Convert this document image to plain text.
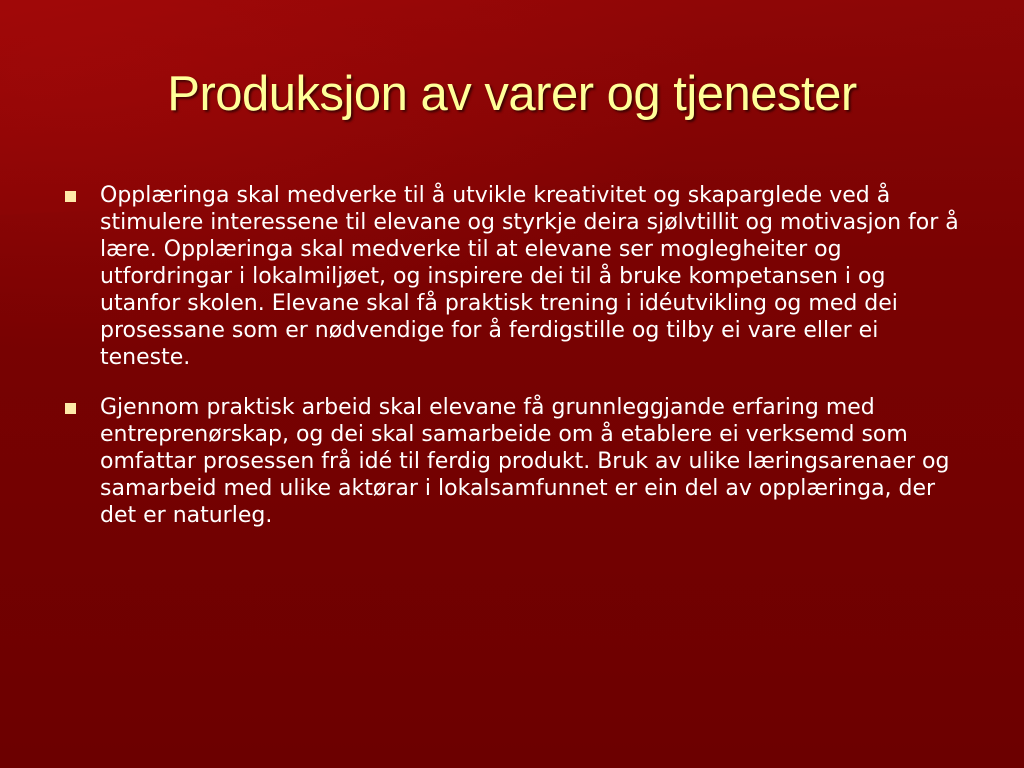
Produksjon av varer og tjenester
Opplæringa skal medverke til å utvikle kreativitet og skaparglede ved å stimulere interessene til elevane og styrkje deira sjølvtillit og motivasjon for å lære. Opplæringa skal medverke til at elevane ser moglegheiter og utfordringar i lokalmiljøet, og inspirere dei til å bruke kompetansen i og utanfor skolen. Elevane skal få praktisk trening i idéutvikling og med dei prosessane som er nødvendige for å ferdigstille og tilby ei vare eller ei teneste.
Gjennom praktisk arbeid skal elevane få grunnleggjande erfaring med entreprenørskap, og dei skal samarbeide om å etablere ei verksemd som omfattar prosessen frå idé til ferdig produkt. Bruk av ulike læringsarenaer og samarbeid med ulike aktørar i lokalsamfunnet er ein del av opplæringa, der det er naturleg.
